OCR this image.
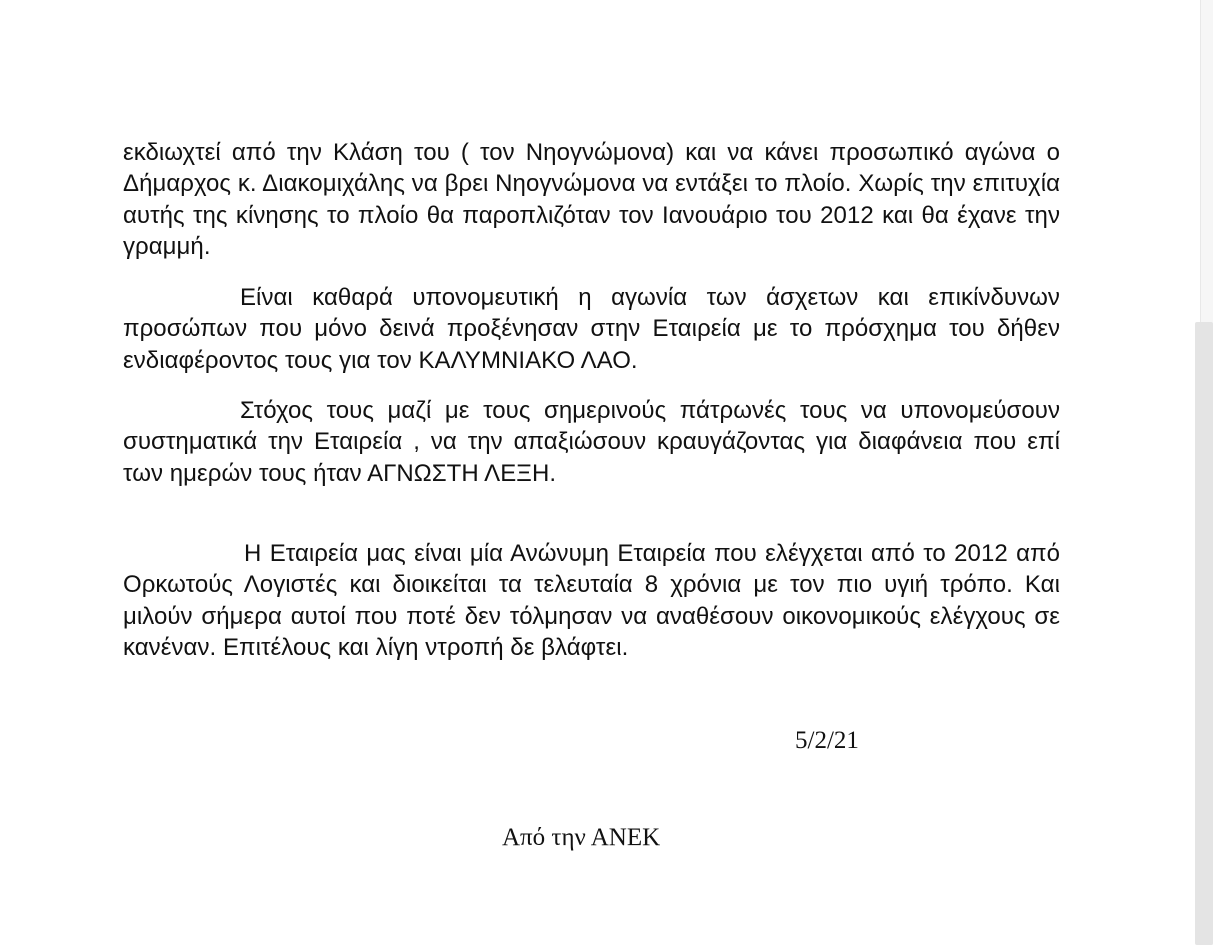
εκδιωχτεί από την Κλάση του ( τον Νηογνώμονα) και να κάνει προσωπικό αγώνα ο Δήμαρχος κ. Διακομιχάλης να βρει Νηογνώμονα να εντάξει το πλοίο. Χωρίς την επιτυχία αυτής της κίνησης το πλοίο θα παροπλιζόταν τον Ιανουάριο του 2012 και θα έχανε την γραμμή.

Είναι καθαρά υπονομευτική η αγωνία των άσχετων και επικίνδυνων προσώπων που μόνο δεινά προξένησαν στην Εταιρεία με το πρόσχημα του δήθεν ενδιαφέροντος τους για τον ΚΑΛΥΜΝΙΑΚΟ ΛΑΟ.

Στόχος τους μαζί με τους σημερινούς πάτρωνές τους να υπονομεύσουν συστηματικά την Εταιρεία , να την απαξιώσουν κραυγάζοντας για διαφάνεια που επί των ημερών τους ήταν ΑΓΝΩΣΤΗ ΛΕΞΗ.

Η Εταιρεία μας είναι μία Ανώνυμη Εταιρεία που ελέγχεται από το 2012 από Ορκωτούς Λογιστές και διοικείται τα τελευταία 8 χρόνια με τον πιο υγιή τρόπο. Και μιλούν σήμερα αυτοί που ποτέ δεν τόλμησαν να αναθέσουν οικονομικούς ελέγχους σε κανέναν. Επιτέλους και λίγη ντροπή δε βλάφτει.

5/2/21
Από την ΑΝΕΚ
